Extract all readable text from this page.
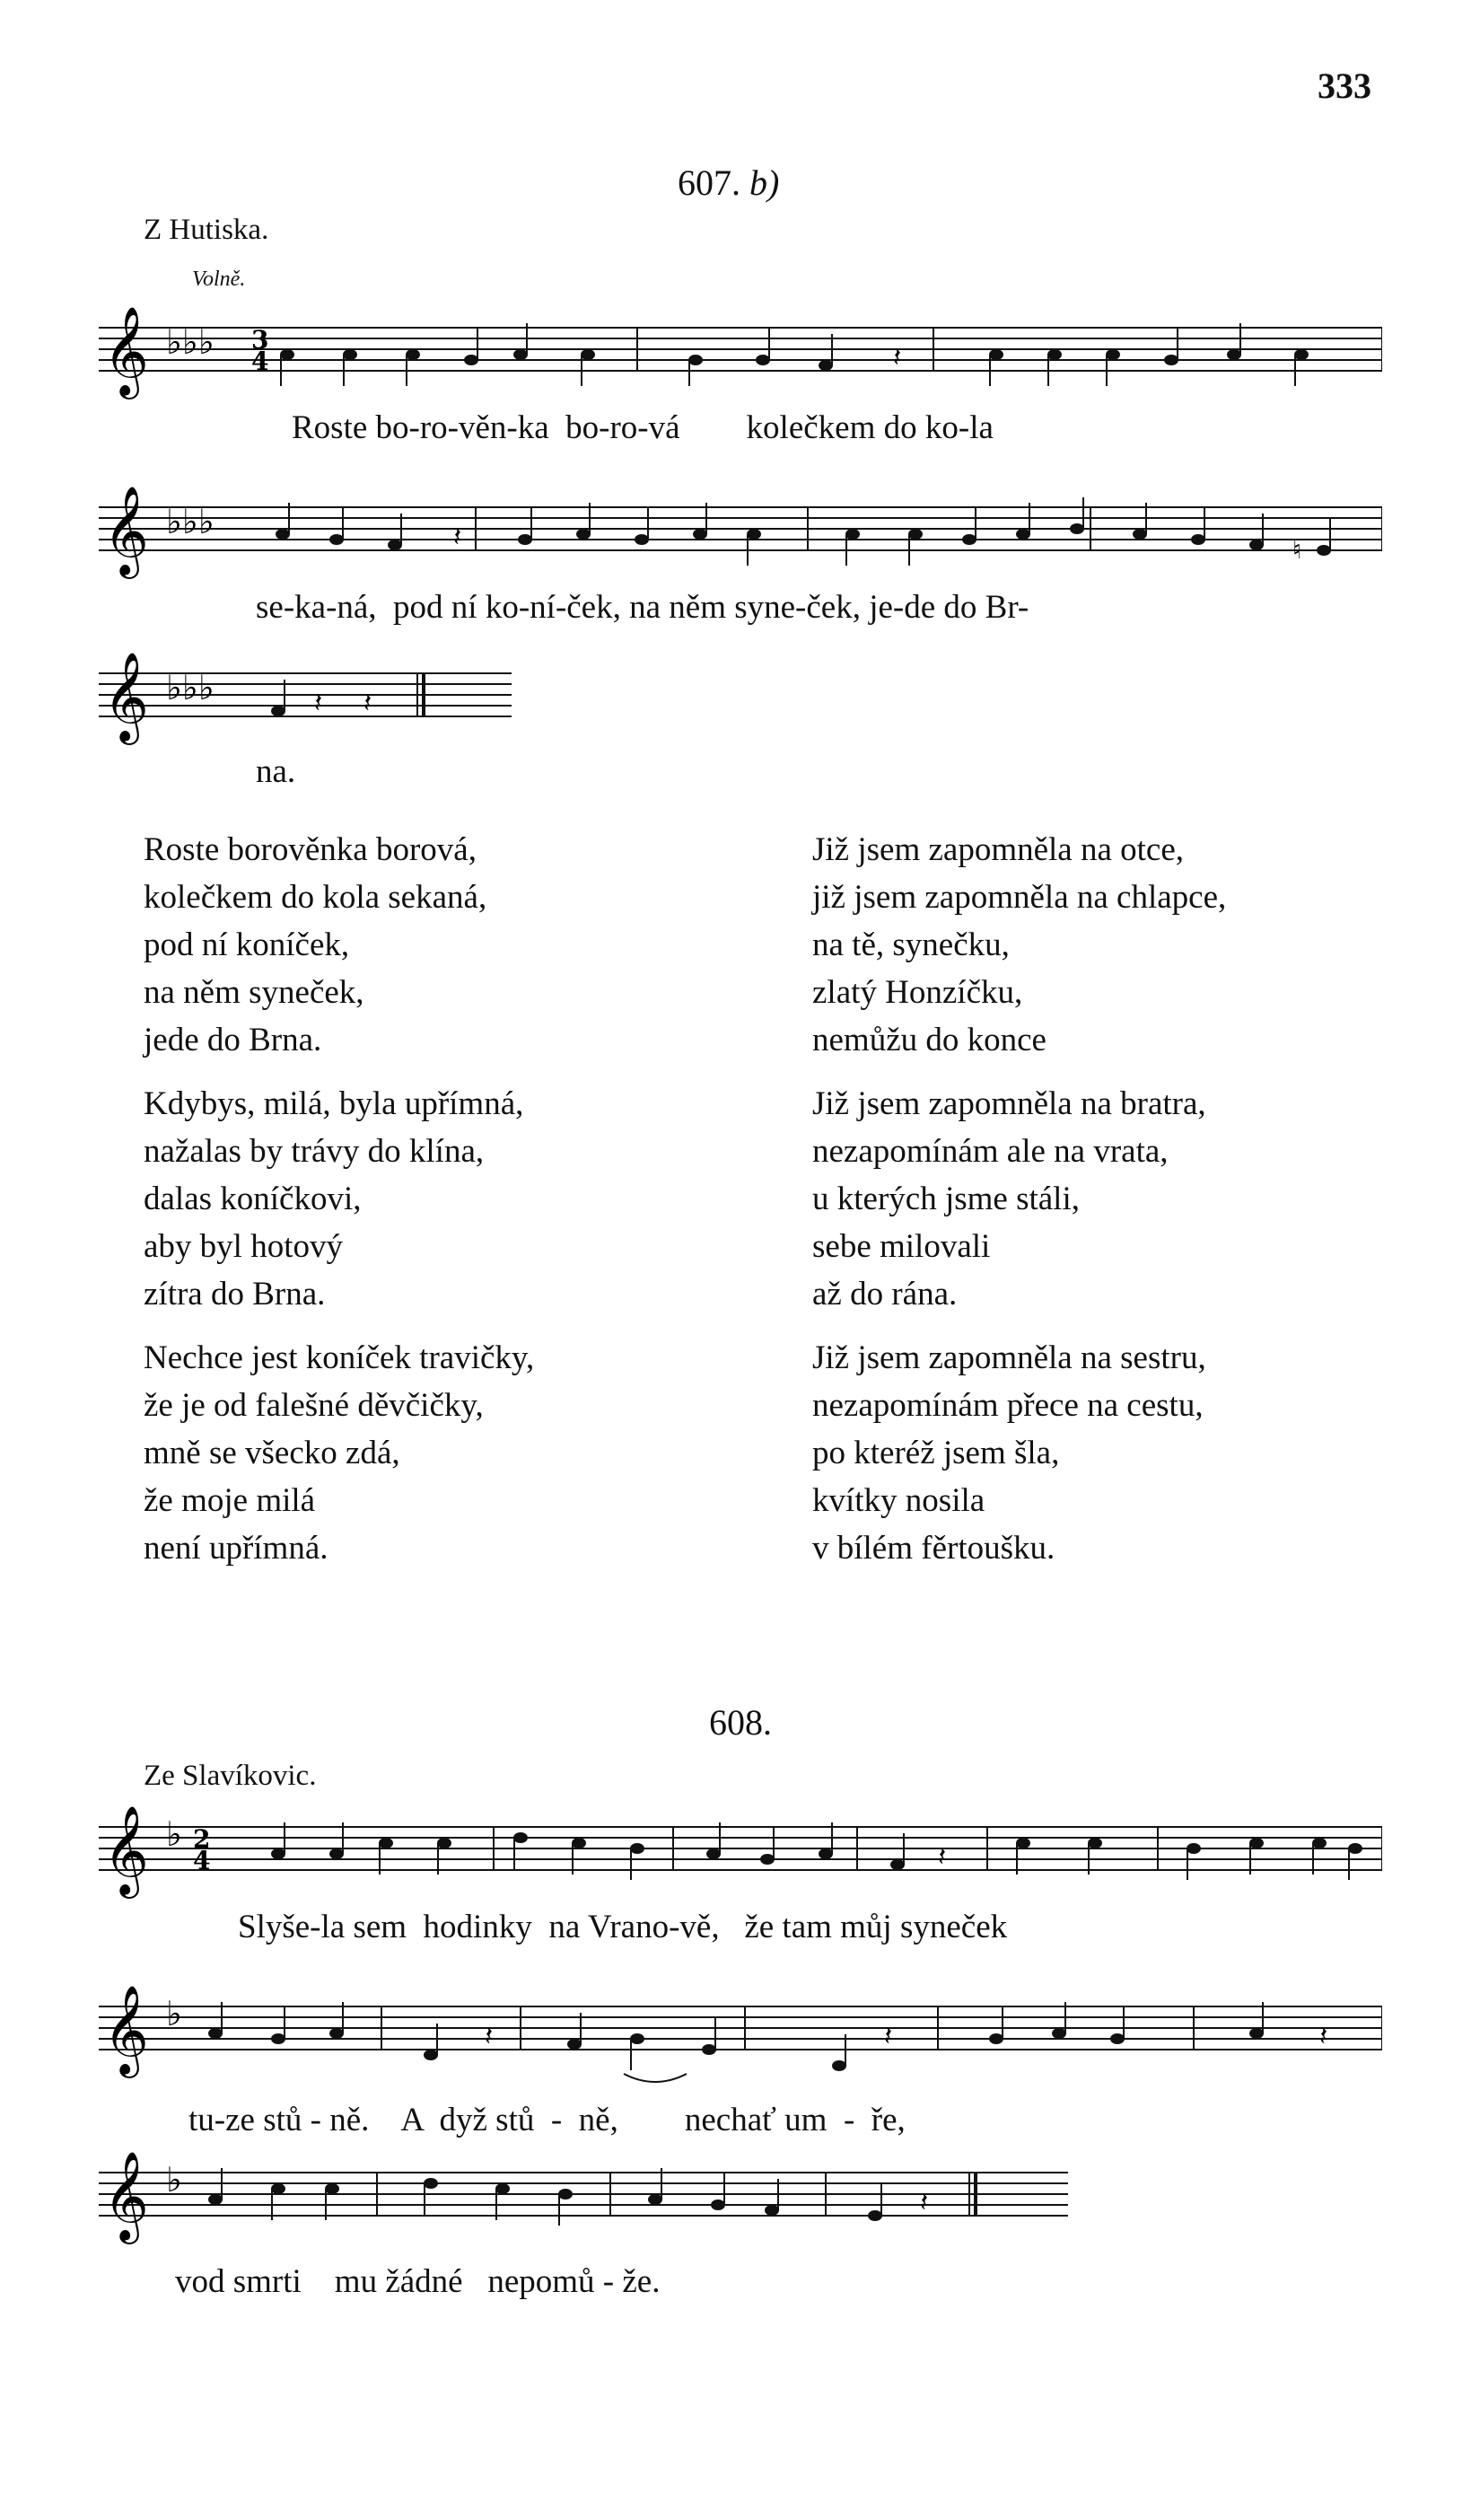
333
607. b)
Z Hutiska.
Volně.
𝄞 ♭♭♭ 3
4	𝄽
Roste bo-ro-věn-ka  bo-ro-vá        kolečkem do ko-la
𝄞 ♭♭♭	𝄽	♮
se-ka-ná,  pod ní ko-ní-ček, na něm syne-ček, je-de do Br-
𝄞 ♭♭♭	𝄽 𝄽
na.
Roste borověnka borová,
kolečkem do kola sekaná,
pod ní koníček,
na něm syneček,
jede do Brna.
Kdybys, milá, byla upřímná,
nažalas by trávy do klína,
dalas koníčkovi,
aby byl hotový
zítra do Brna.
Nechce jest koníček travičky,
že je od falešné děvčičky,
mně se všecko zdá,
že moje milá
není upřímná.
Již jsem zapomněla na otce,
již jsem zapomněla na chlapce,
na tě, synečku,
zlatý Honzíčku,
nemůžu do konce
Již jsem zapomněla na bratra,
nezapomínám ale na vrata,
u kterých jsme stáli,
sebe milovali
až do rána.
Již jsem zapomněla na sestru,
nezapomínám přece na cestu,
po kteréž jsem šla,
kvítky nosila
v bílém fěrtoušku.
608.
Ze Slavíkovic.
𝄞 ♭ 2
4	𝄽
Slyše-la sem  hodinky  na Vrano-vě,   že tam můj syneček
𝄞 ♭
𝄽	𝄽	𝄽
tu-ze stů - ně.    A  dyž stů  -  ně,        nechať um  -  ře,
𝄞 ♭
𝄽
vod smrti    mu žádné   nepomů - že.
